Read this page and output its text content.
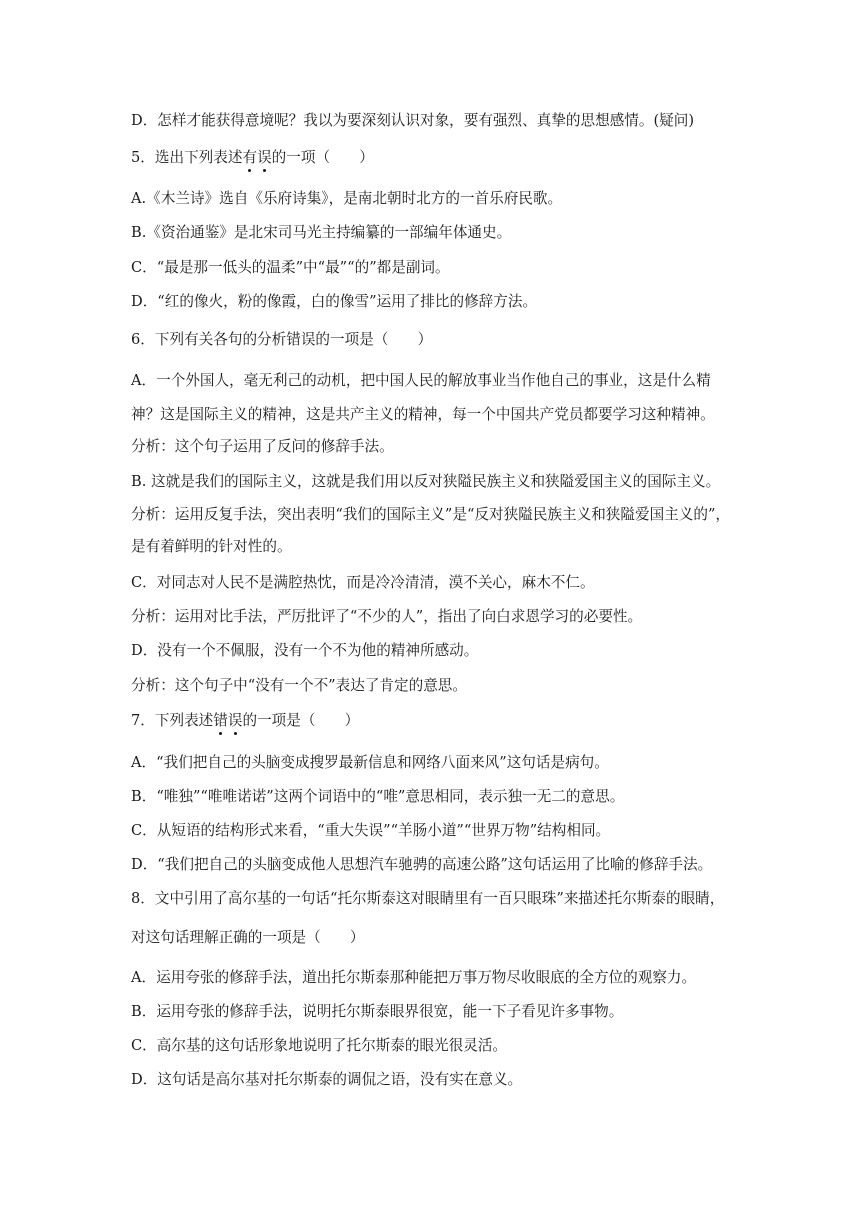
D．怎样才能获得意境呢？我以为要深刻认识对象，要有强烈、真挚的思想感情。(疑问)
5．选出下列表述有误的一项（　　）
A.《木兰诗》选自《乐府诗集》，是南北朝时北方的一首乐府民歌。
B.《资治通鉴》是北宋司马光主持编纂的一部编年体通史。
C．“最是那一低头的温柔”中“最”“的”都是副词。
D．“红的像火，粉的像霞，白的像雪”运用了排比的修辞方法。
6．下列有关各句的分析错误的一项是（　　）
A．一个外国人，毫无利己的动机，把中国人民的解放事业当作他自己的事业，这是什么精
神？这是国际主义的精神，这是共产主义的精神，每一个中国共产党员都要学习这种精神。
分析：这个句子运用了反问的修辞手法。
B. 这就是我们的国际主义，这就是我们用以反对狭隘民族主义和狭隘爱国主义的国际主义。
分析：运用反复手法，突出表明“我们的国际主义”是“反对狭隘民族主义和狭隘爱国主义的”，
是有着鲜明的针对性的。
C．对同志对人民不是满腔热忱，而是冷冷清清，漠不关心，麻木不仁。
分析：运用对比手法，严厉批评了“不少的人”，指出了向白求恩学习的必要性。
D．没有一个不佩服，没有一个不为他的精神所感动。
分析：这个句子中“没有一个不”表达了肯定的意思。
7．下列表述错误的一项是（　　）
A．“我们把自己的头脑变成搜罗最新信息和网络八面来风”这句话是病句。
B．“唯独”“唯唯诺诺”这两个词语中的“唯”意思相同，表示独一无二的意思。
C．从短语的结构形式来看，“重大失误”“羊肠小道”“世界万物”结构相同。
D．“我们把自己的头脑变成他人思想汽车驰骋的高速公路”这句话运用了比喻的修辞手法。
8．文中引用了高尔基的一句话“托尔斯泰这对眼睛里有一百只眼珠”来描述托尔斯泰的眼睛，
对这句话理解正确的一项是（　　）
A．运用夸张的修辞手法，道出托尔斯泰那种能把万事万物尽收眼底的全方位的观察力。
B．运用夸张的修辞手法，说明托尔斯泰眼界很宽，能一下子看见许多事物。
C．高尔基的这句话形象地说明了托尔斯泰的眼光很灵活。
D．这句话是高尔基对托尔斯泰的调侃之语，没有实在意义。
